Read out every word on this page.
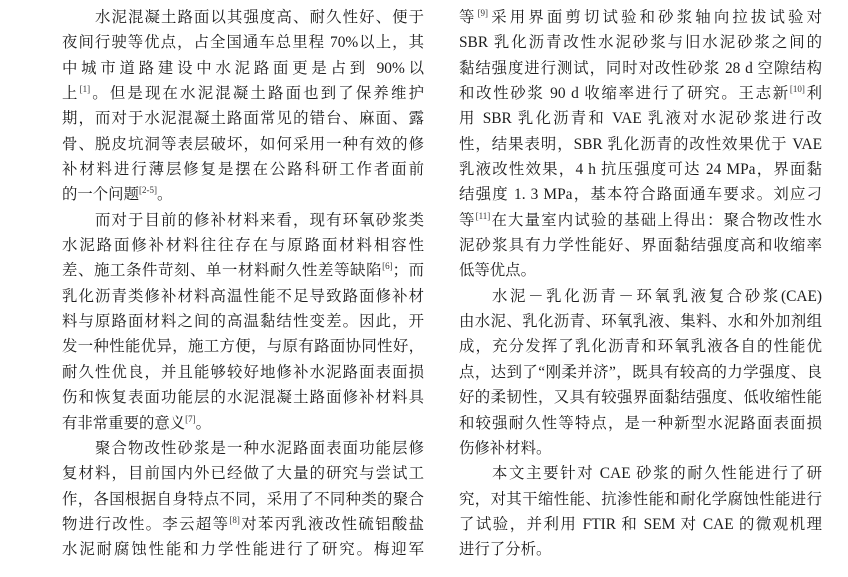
水泥混凝土路面以其强度高、耐久性好、便于
夜间行驶等优点，占全国通车总里程 70%以上，其
中城市道路建设中水泥路面更是占到 90%以
上[1]。但是现在水泥混凝土路面也到了保养维护
期，而对于水泥混凝土路面常见的错台、麻面、露
骨、脱皮坑洞等表层破坏，如何采用一种有效的修
补材料进行薄层修复是摆在公路科研工作者面前
的一个问题[2-5]。
而对于目前的修补材料来看，现有环氧砂浆类
水泥路面修补材料往往存在与原路面材料相容性
差、施工条件苛刻、单一材料耐久性差等缺陷[6]；而
乳化沥青类修补材料高温性能不足导致路面修补材
料与原路面材料之间的高温黏结性变差。因此，开
发一种性能优异，施工方便，与原有路面协同性好，
耐久性优良，并且能够较好地修补水泥路面表面损
伤和恢复表面功能层的水泥混凝土路面修补材料具
有非常重要的意义[7]。
聚合物改性砂浆是一种水泥路面表面功能层修
复材料，目前国内外已经做了大量的研究与尝试工
作，各国根据自身特点不同，采用了不同种类的聚合
物进行改性。李云超等[8]对苯丙乳液改性硫铝酸盐
水泥耐腐蚀性能和力学性能进行了研究。梅迎军
等[9]采用界面剪切试验和砂浆轴向拉拔试验对
SBR 乳化沥青改性水泥砂浆与旧水泥砂浆之间的
黏结强度进行测试，同时对改性砂浆 28 d 空隙结构
和改性砂浆 90 d 收缩率进行了研究。王志新[10]利
用 SBR 乳化沥青和 VAE 乳液对水泥砂浆进行改
性，结果表明，SBR 乳化沥青的改性效果优于 VAE
乳液改性效果，4 h 抗压强度可达 24 MPa，界面黏
结强度 1. 3 MPa，基本符合路面通车要求。刘应刁
等[11]在大量室内试验的基础上得出：聚合物改性水
泥砂浆具有力学性能好、界面黏结强度高和收缩率
低等优点。
水泥－乳化沥青－环氧乳液复合砂浆(CAE)
由水泥、乳化沥青、环氧乳液、集料、水和外加剂组
成，充分发挥了乳化沥青和环氧乳液各自的性能优
点，达到了“刚柔并济”，既具有较高的力学强度、良
好的柔韧性，又具有较强界面黏结强度、低收缩性能
和较强耐久性等特点，是一种新型水泥路面表面损
伤修补材料。
本文主要针对 CAE 砂浆的耐久性能进行了研
究，对其干缩性能、抗渗性能和耐化学腐蚀性能进行
了试验，并利用 FTIR 和 SEM 对 CAE 的微观机理
进行了分析。
